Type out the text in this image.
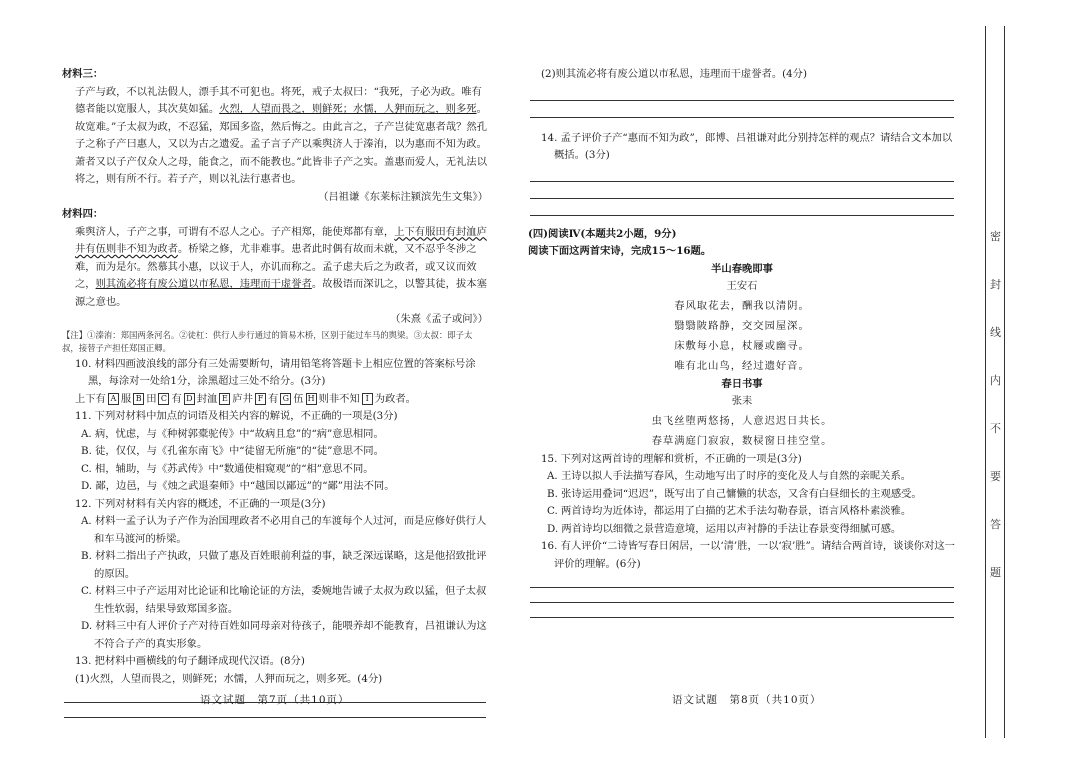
材料三：
子产与政，不以礼法假人，漂手其不可犯也。将死，戒子太叔曰：“我死，子必为政。唯有德者能以宽服人，其次莫如猛。火烈，人望而畏之，则鲜死；水懦，人狎而玩之，则多死。故宽难。”子太叔为政，不忍猛，郑国多盗，然后悔之。由此言之，子产岂徒宽惠者哉？然孔子之称子产曰惠人，又以为古之遗爱。孟子言子产以乘舆济人于溱洧，以为惠而不知为政。萧者又以子产仅众人之母，能食之，而不能教也。”此皆非子产之实。盖惠而爱人，无礼法以将之，则有所不行。若子产，则以礼法行惠者也。
（吕祖谦《东莱标注颍滨先生文集》）
材料四：
乘舆济人，子产之事，可谓有不忍人之心。子产相郑，能使郑都有章，上下有服田有封洫庐井有伍则非不知为政者。桥梁之修，尤非难事。患者此时偶有故而未就，又不忍乎冬涉之难，而为是尔。然慕其小惠，以议于人，亦讥而称之。孟子虑夫后之为政者，或又议而效之，则其流必将有废公道以市私恩，违理而干虚誉者。故极语而深讥之，以警其徒，拔本塞源之意也。
（朱熹《孟子或问》）
【注】①溱洧：郑国两条河名。②徒杠：供行人步行通过的简易木桥，区别于能过车马的舆梁。③太叔：即子太叔，接替子产担任郑国正卿。
10. 材料四画波浪线的部分有三处需要断句，请用铅笔将答题卡上相应位置的答案标号涂黑，每涂对一处给1分，涂黑超过三处不给分。(3分)
上下有 A 服 B 田 C 有 D 封洫 E 庐井 F 有 G 伍 H 则非不知 I 为政者。
11. 下列对材料中加点的词语及相关内容的解说，不正确的一项是(3分)
A. 病，忧虑，与《种树郭橐驼传》中“故病且怠”的“病”意思相同。
B. 徒，仅仅，与《孔雀东南飞》中“徒留无所施”的“徒”意思不同。
C. 相，辅助，与《苏武传》中“数通使相窥观”的“相”意思不同。
D. 鄙，边邑，与《烛之武退秦师》中“越国以鄙远”的“鄙”用法不同。
12. 下列对材料有关内容的概述，不正确的一项是(3分)
A. 材料一孟子认为子产作为治国理政者不必用自己的车渡每个人过河，而是应修好供行人和车马渡河的桥梁。
B. 材料二指出子产执政，只做了惠及百姓眼前利益的事，缺乏深远谋略，这是他招致批评的原因。
C. 材料三中子产运用对比论证和比喻论证的方法，委婉地告诫子太叔为政以猛，但子太叔生性软弱，结果导致郑国多盗。
D. 材料三中有人评价子产对待百姓如同母亲对待孩子，能喂养却不能教育，吕祖谦认为这不符合子产的真实形象。
13. 把材料中画横线的句子翻译成现代汉语。(8分)
(1)火烈，人望而畏之，则鲜死；水懦，人狎而玩之，则多死。(4分)
(2)则其流必将有废公道以市私恩，违理而干虚誉者。(4分)
14. 孟子评价子产“惠而不知为政”，郎博、吕祖谦对此分别持怎样的观点？请结合文本加以概括。(3分)
(四)阅读Ⅳ(本题共2小题，9分)
阅读下面这两首宋诗，完成15～16题。
半山春晚即事
王安石
春风取花去，酬我以清阴。
翳翳陂路静，交交园屋深。
床敷每小息，杖屦或幽寻。
唯有北山鸟，经过遗好音。
春日书事
张耒
虫飞丝堕两悠扬，人意迟迟日共长。
春草满庭门寂寂，数棂窗日挂空堂。
15. 下列对这两首诗的理解和赏析，不正确的一项是(3分)
A. 王诗以拟人手法描写春风，生动地写出了时序的变化及人与自然的亲昵关系。
B. 张诗运用叠词“迟迟”，既写出了自己慵懒的状态，又含有白昼细长的主观感受。
C. 两首诗均为近体诗，都运用了白描的艺术手法勾勒春景，语言风格朴素淡雅。
D. 两首诗均以细微之景营造意境，运用以声衬静的手法让春景变得细腻可感。
16. 有人评价“二诗皆写春日闲居，一以‘清’胜，一以‘寂’胜”。请结合两首诗，谈谈你对这一评价的理解。(6分)
语文试题　第7页（共10页）	语文试题　第8页（共10页）
密
封
线
内
不
要
答
题
